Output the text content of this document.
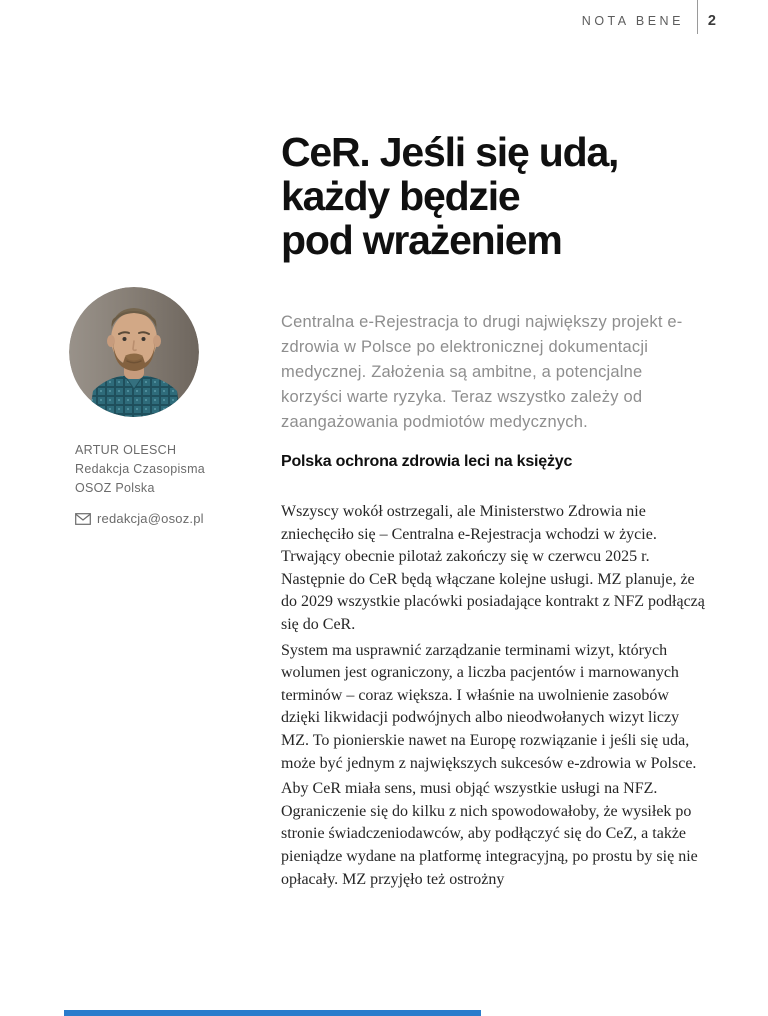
NOTA BENE 2
ARTUR OLESCH
Redakcja Czasopisma
OSOZ Polska
redakcja@osoz.pl
CeR. Jeśli się uda,
każdy będzie
pod wrażeniem
Centralna e-Rejestracja to drugi największy projekt e-zdrowia w Polsce po elektronicznej dokumentacji medycznej. Założenia są ambitne, a potencjalne korzyści warte ryzyka. Teraz wszystko zależy od zaangażowania podmiotów medycznych.
Polska ochrona zdrowia leci na księżyc

Wszyscy wokół ostrzegali, ale Ministerstwo Zdrowia nie zniechęciło się – Centralna e-Rejestracja wchodzi w życie. Trwający obecnie pilotaż zakończy się w czerwcu 2025 r. Następnie do CeR będą włączane kolejne usługi. MZ planuje, że do 2029 wszystkie placówki posiadające kontrakt z NFZ podłączą się do CeR.

System ma usprawnić zarządzanie terminami wizyt, których wolumen jest ograniczony, a liczba pacjentów i marnowanych terminów – coraz większa. I właśnie na uwolnienie zasobów dzięki likwidacji podwójnych albo nieodwołanych wizyt liczy MZ. To pionierskie nawet na Europę rozwiązanie i jeśli się uda, może być jednym z największych sukcesów e-zdrowia w Polsce.

Aby CeR miała sens, musi objąć wszystkie usługi na NFZ. Ograniczenie się do kilku z nich spowodowałoby, że wysiłek po stronie świadczeniodawców, aby podłączyć się do CeZ, a także pieniądze wydane na platformę integracyjną, po prostu by się nie opłacały. MZ przyjęło też ostrożny
